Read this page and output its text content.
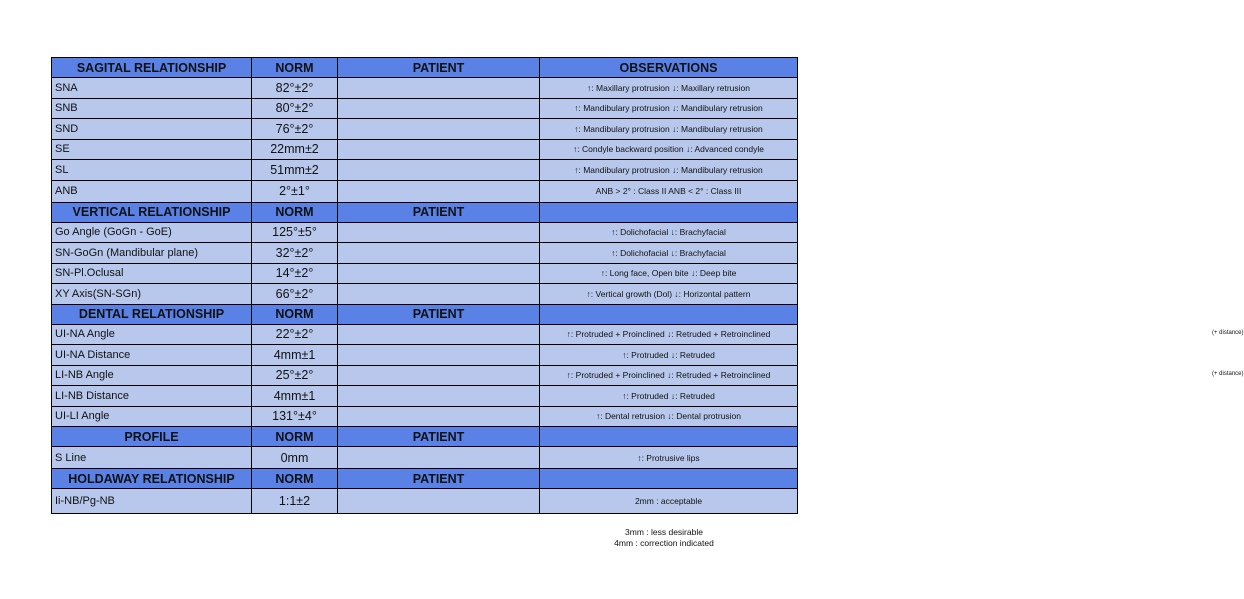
SAGITAL RELATIONSHIP	NORM	PATIENT	OBSERVATIONS
SNA	82°±2°		↑: Maxillary protrusion ↓: Maxillary retrusion
SNB	80°±2°		↑: Mandibulary protrusion ↓: Mandibulary retrusion
SND	76°±2°		↑: Mandibulary protrusion ↓: Mandibulary retrusion
SE	22mm±2		↑: Condyle backward position ↓: Advanced condyle
SL	51mm±2		↑: Mandibulary protrusion ↓: Mandibulary retrusion
ANB	2°±1°		ANB > 2° : Class II ANB < 2° : Class III
VERTICAL RELATIONSHIP	NORM	PATIENT	
Go Angle (GoGn - GoE)	125°±5°		↑: Dolichofacial ↓: Brachyfacial
SN-GoGn (Mandibular plane)	32°±2°		↑: Dolichofacial ↓: Brachyfacial
SN-Pl.Oclusal	14°±2°		↑: Long face, Open bite ↓: Deep bite
XY Axis(SN-SGn)	66°±2°		↑: Vertical growth (Dol) ↓: Horizontal pattern
DENTAL RELATIONSHIP	NORM	PATIENT	
UI-NA Angle	22°±2°		↑: Protruded + Proinclined ↓: Retruded + Retroinclined (+ distance)

UI-NA Distance	4mm±1		↑: Protruded ↓: Retruded
LI-NB Angle	25°±2°		↑: Protruded + Proinclined ↓: Retruded + Retroinclined (+ distance)

LI-NB Distance	4mm±1		↑: Protruded ↓: Retruded
UI-LI Angle	131°±4°		↑: Dental retrusion ↓: Dental protrusion
PROFILE	NORM	PATIENT	
S Line	0mm		↑: Protrusive lips
HOLDAWAY RELATIONSHIP	NORM	PATIENT	
Ii-NB/Pg-NB	1:1±2		2mm : acceptable
3mm : less desirable
4mm : correction indicated
